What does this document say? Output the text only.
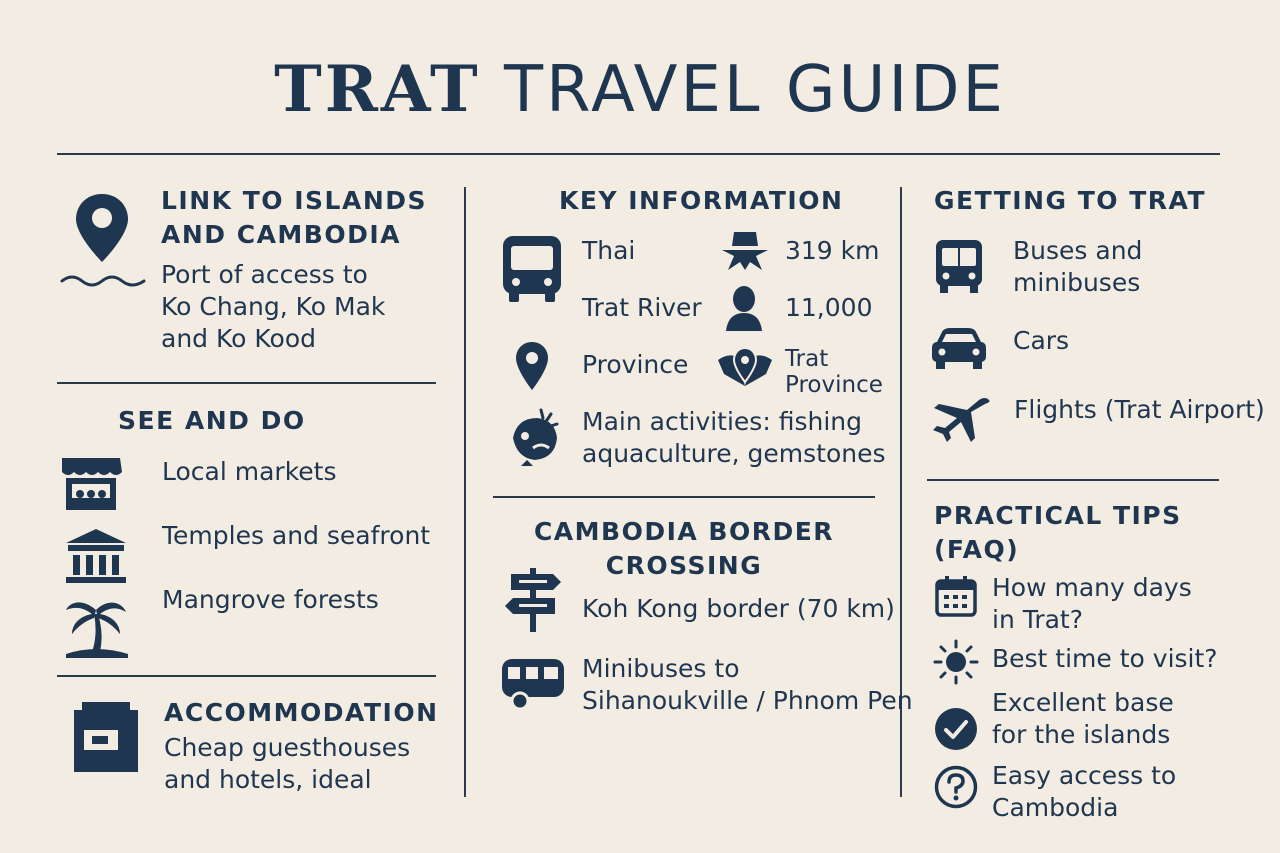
TRAT TRAVEL GUIDE
LINK TO ISLANDS
AND CAMBODIA
Port of access to
Ko Chang, Ko Mak
and Ko Kood
SEE AND DO
Local markets
Temples and seafront
Mangrove forests
ACCOMMODATION
Cheap guesthouses
and hotels, ideal
KEY INFORMATION
Thai	319 km
Trat River	11,000
Province	Trat
Province
Main activities: fishing
aquaculture, gemstones
CAMBODIA BORDER
CROSSING
Koh Kong border (70 km)
Minibuses to
Sihanoukville / Phnom Pen
GETTING TO TRAT
Buses and
minibuses
Cars
Flights (Trat Airport)
PRACTICAL TIPS
(FAQ)
How many days
in Trat?
Best time to visit?
Excellent base
for the islands
Easy access to
Cambodia
